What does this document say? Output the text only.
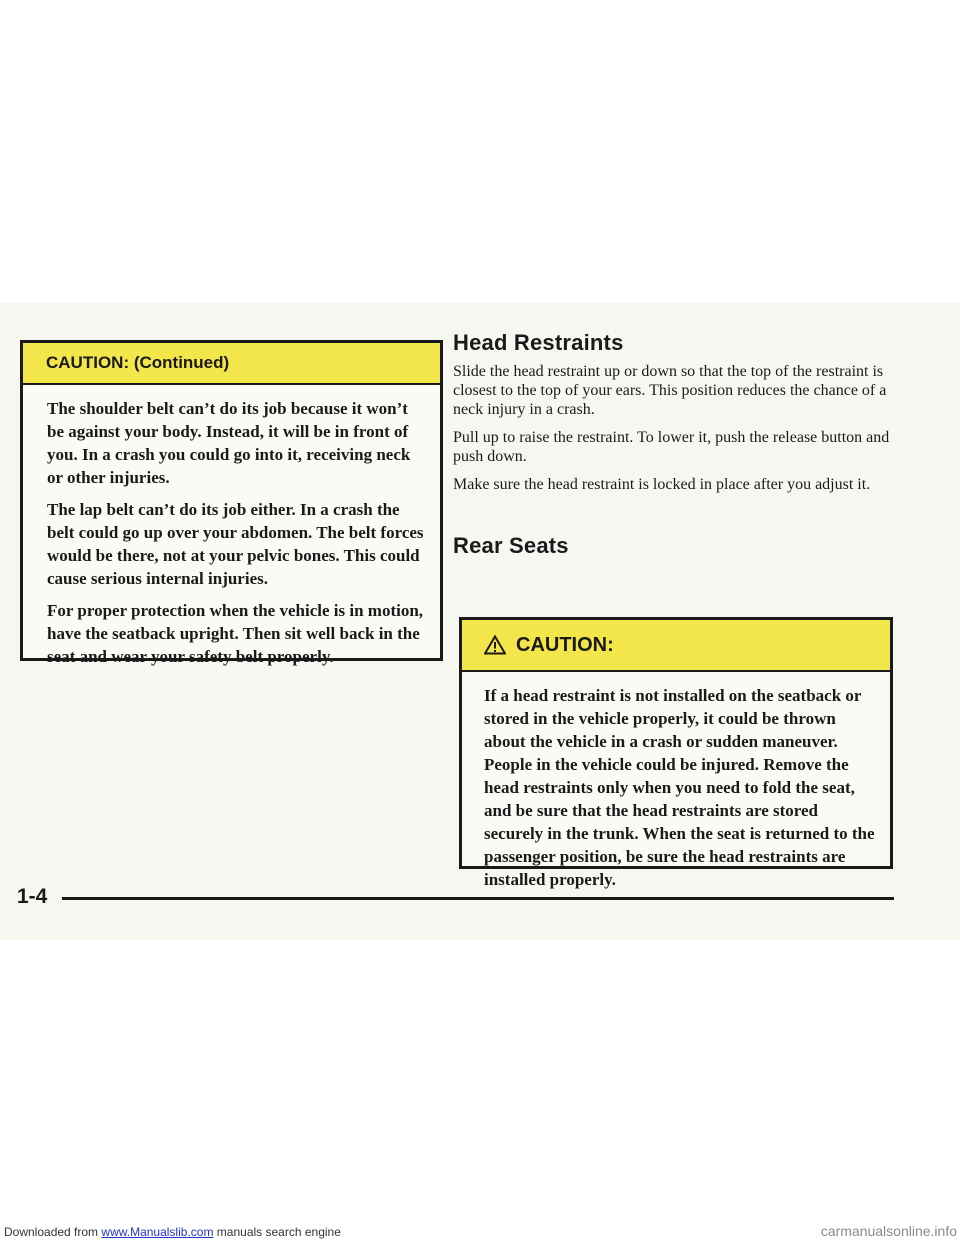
CAUTION: (Continued)

The shoulder belt can’t do its job because it won’t be against your body. Instead, it will be in front of you. In a crash you could go into it, receiving neck or other injuries.

The lap belt can’t do its job either. In a crash the belt could go up over your abdomen. The belt forces would be there, not at your pelvic bones. This could cause serious internal injuries.

For proper protection when the vehicle is in motion, have the seatback upright. Then sit well back in the seat and wear your safety belt properly.

Head Restraints

Slide the head restraint up or down so that the top of the restraint is closest to the top of your ears. This position reduces the chance of a neck injury in a crash.

Pull up to raise the restraint. To lower it, push the release button and push down.

Make sure the head restraint is locked in place after you adjust it.

Rear Seats
CAUTION:

If a head restraint is not installed on the seatback or stored in the vehicle properly, it could be thrown about the vehicle in a crash or sudden maneuver. People in the vehicle could be injured. Remove the head restraints only when you need to fold the seat, and be sure that the head restraints are stored securely in the trunk. When the seat is returned to the passenger position, be sure the head restraints are installed properly.

1-4
Downloaded from www.Manualslib.com manuals search engine	carmanualsonline.info
